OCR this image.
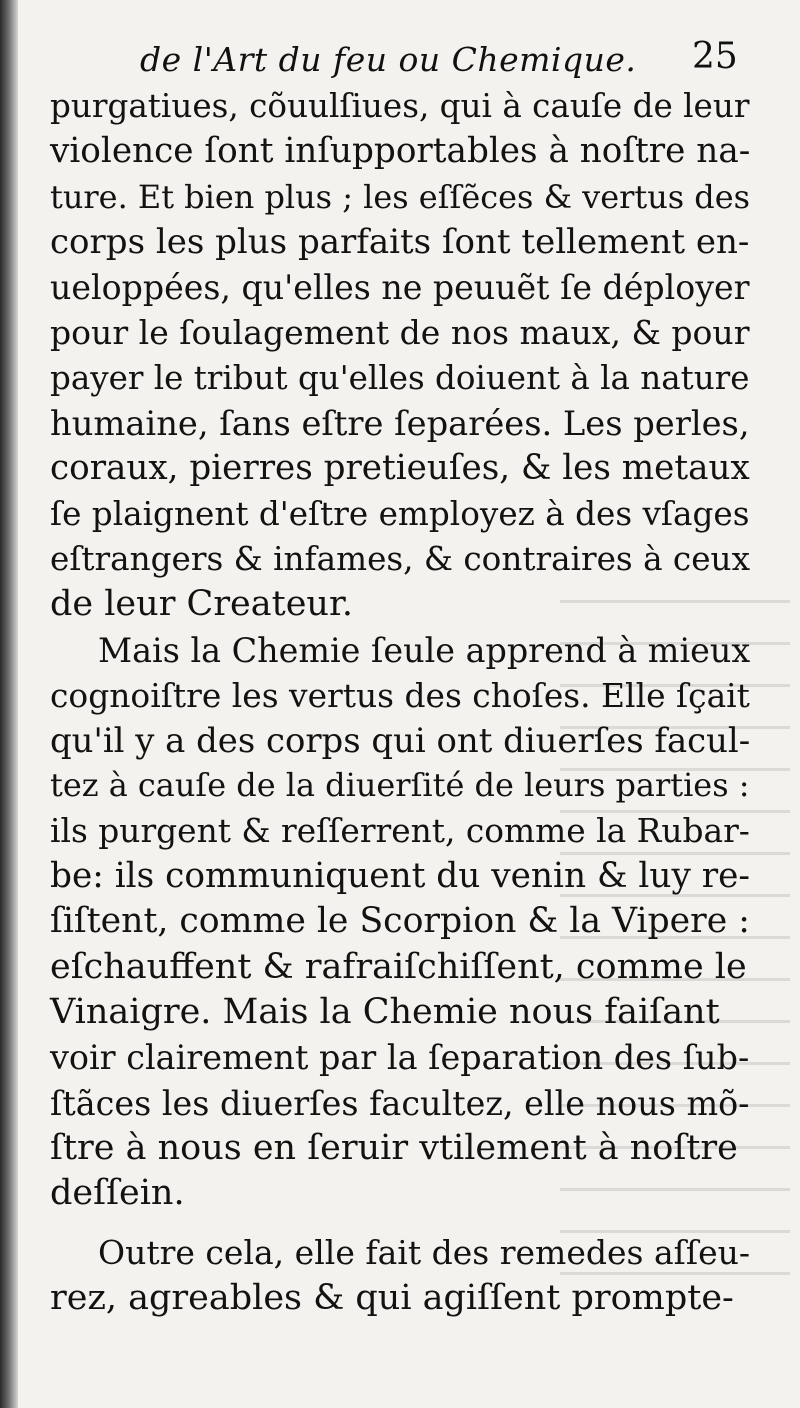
de l'Art du feu ou Chemique. 25
purgatiues, cõuulſiues, qui à cauſe de leur
violence ſont inſupportables à noſtre na-
ture. Et bien plus ; les eſſẽces & vertus des
corps les plus parfaits ſont tellement en-
ueloppées, qu'elles ne peuuẽt ſe déployer
pour le ſoulagement de nos maux, & pour
payer le tribut qu'elles doiuent à la nature
humaine, ſans eſtre ſeparées. Les perles,
coraux, pierres pretieuſes, & les metaux
ſe plaignent d'eſtre employez à des vſages
eſtrangers & infames, & contraires à ceux
de leur Createur.
Mais la Chemie ſeule apprend à mieux
cognoiſtre les vertus des choſes. Elle ſçait
qu'il y a des corps qui ont diuerſes facul-
tez à cauſe de la diuerſité de leurs parties :
ils purgent & reſſerrent, comme la Rubar-
be: ils communiquent du venin & luy re-
ſiſtent, comme le Scorpion & la Vipere :
eſchauffent & rafraiſchiſſent, comme le
Vinaigre. Mais la Chemie nous faiſant
voir clairement par la ſeparation des ſub-
ſtãces les diuerſes facultez, elle nous mõ-
ſtre à nous en ſeruir vtilement à noſtre
deſſein.
Outre cela, elle fait des remedes aſſeu-
rez, agreables & qui agiſſent prompte-
